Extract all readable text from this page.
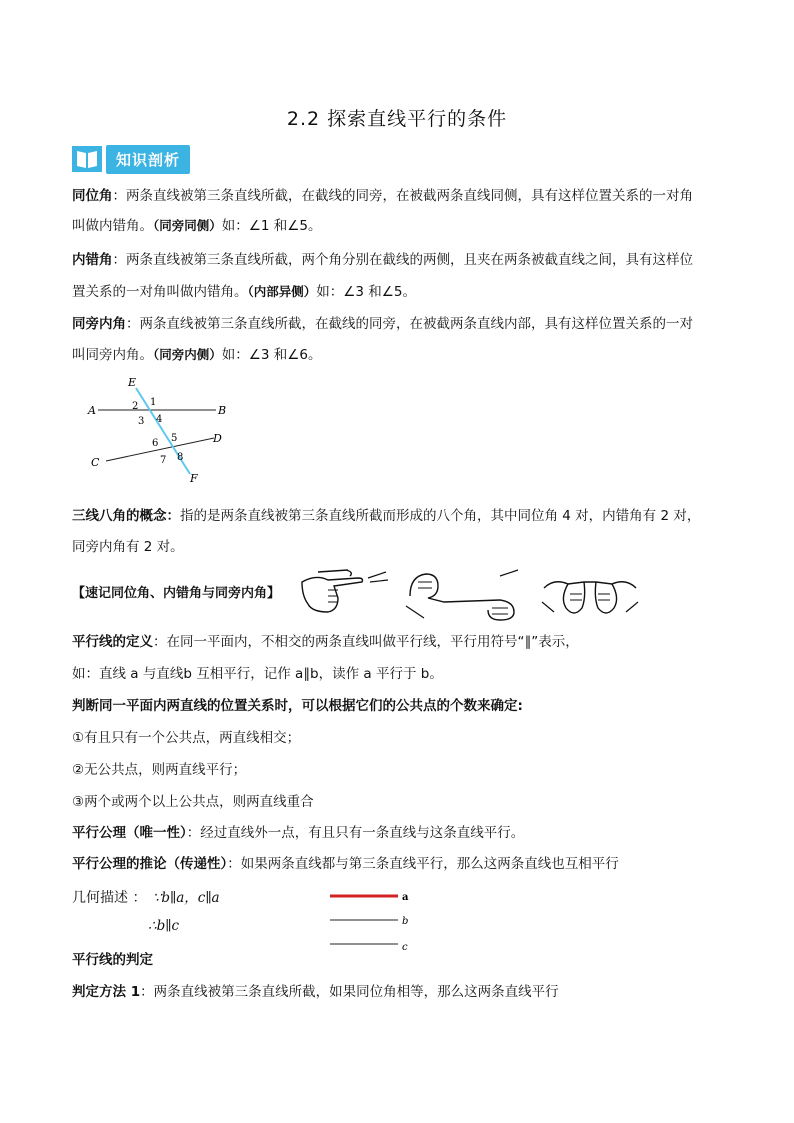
2.2 探索直线平行的条件
知识剖析
同位角：两条直线被第三条直线所截，在截线的同旁，在被截两条直线同侧，具有这样位置关系的一对角
叫做内错角。（同旁同侧）如：∠1 和∠5。
内错角：两条直线被第三条直线所截，两个角分别在截线的两侧，且夹在两条被截直线之间，具有这样位
置关系的一对角叫做内错角。（内部异侧）如：∠3 和∠5。
同旁内角：两条直线被第三条直线所截，在截线的同旁，在被截两条直线内部，具有这样位置关系的一对
叫同旁内角。（同旁内侧）如：∠3 和∠6。
E
F
A	B
C
D
1
2
3 4
5
6
7 8
三线八角的概念：指的是两条直线被第三条直线所截而形成的八个角，其中同位角 4 对，内错角有 2 对，
同旁内角有 2 对。
【速记同位角、内错角与同旁内角】
平行线的定义：在同一平面内，不相交的两条直线叫做平行线，平行用符号“∥”表示，
如：直线 a 与直线b 互相平行，记作 a∥b，读作 a 平行于 b。
判断同一平面内两直线的位置关系时，可以根据它们的公共点的个数来确定:
①有且只有一个公共点，两直线相交；
②无公共点，则两直线平行；
③两个或两个以上公共点，则两直线重合
平行公理（唯一性）：经过直线外一点，有且只有一条直线与这条直线平行。
平行公理的推论（传递性）：如果两条直线都与第三条直线平行，那么这两条直线也互相平行
几何描述 ： ∵b∥a，c∥a
∴b∥c
a
b
c
平行线的判定
判定方法 1：两条直线被第三条直线所截，如果同位角相等，那么这两条直线平行
